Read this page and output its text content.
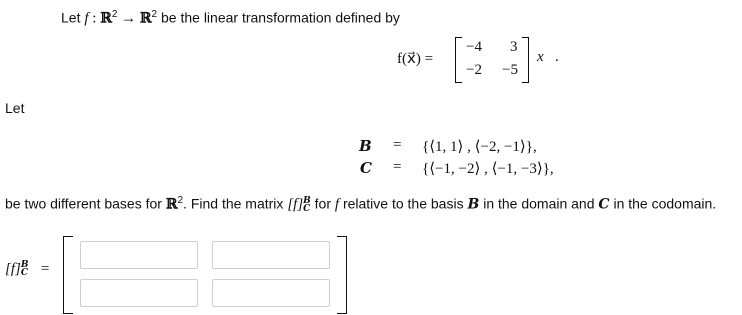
Let f : ℝ$^2$ → ℝ$^2$ be the linear transformation defined by
f(x⃗) =
−4 3
−2 −5
x⃗.
Let
B = {⟨1, 1⟩ , ⟨−2, −1⟩},
C = {⟨−1, −2⟩ , ⟨−1, −3⟩},
be two different bases for ℝ$^2$. Find the matrix [f] B
C for f relative to the basis B in the domain and C in the codomain.
[f] B
C =
